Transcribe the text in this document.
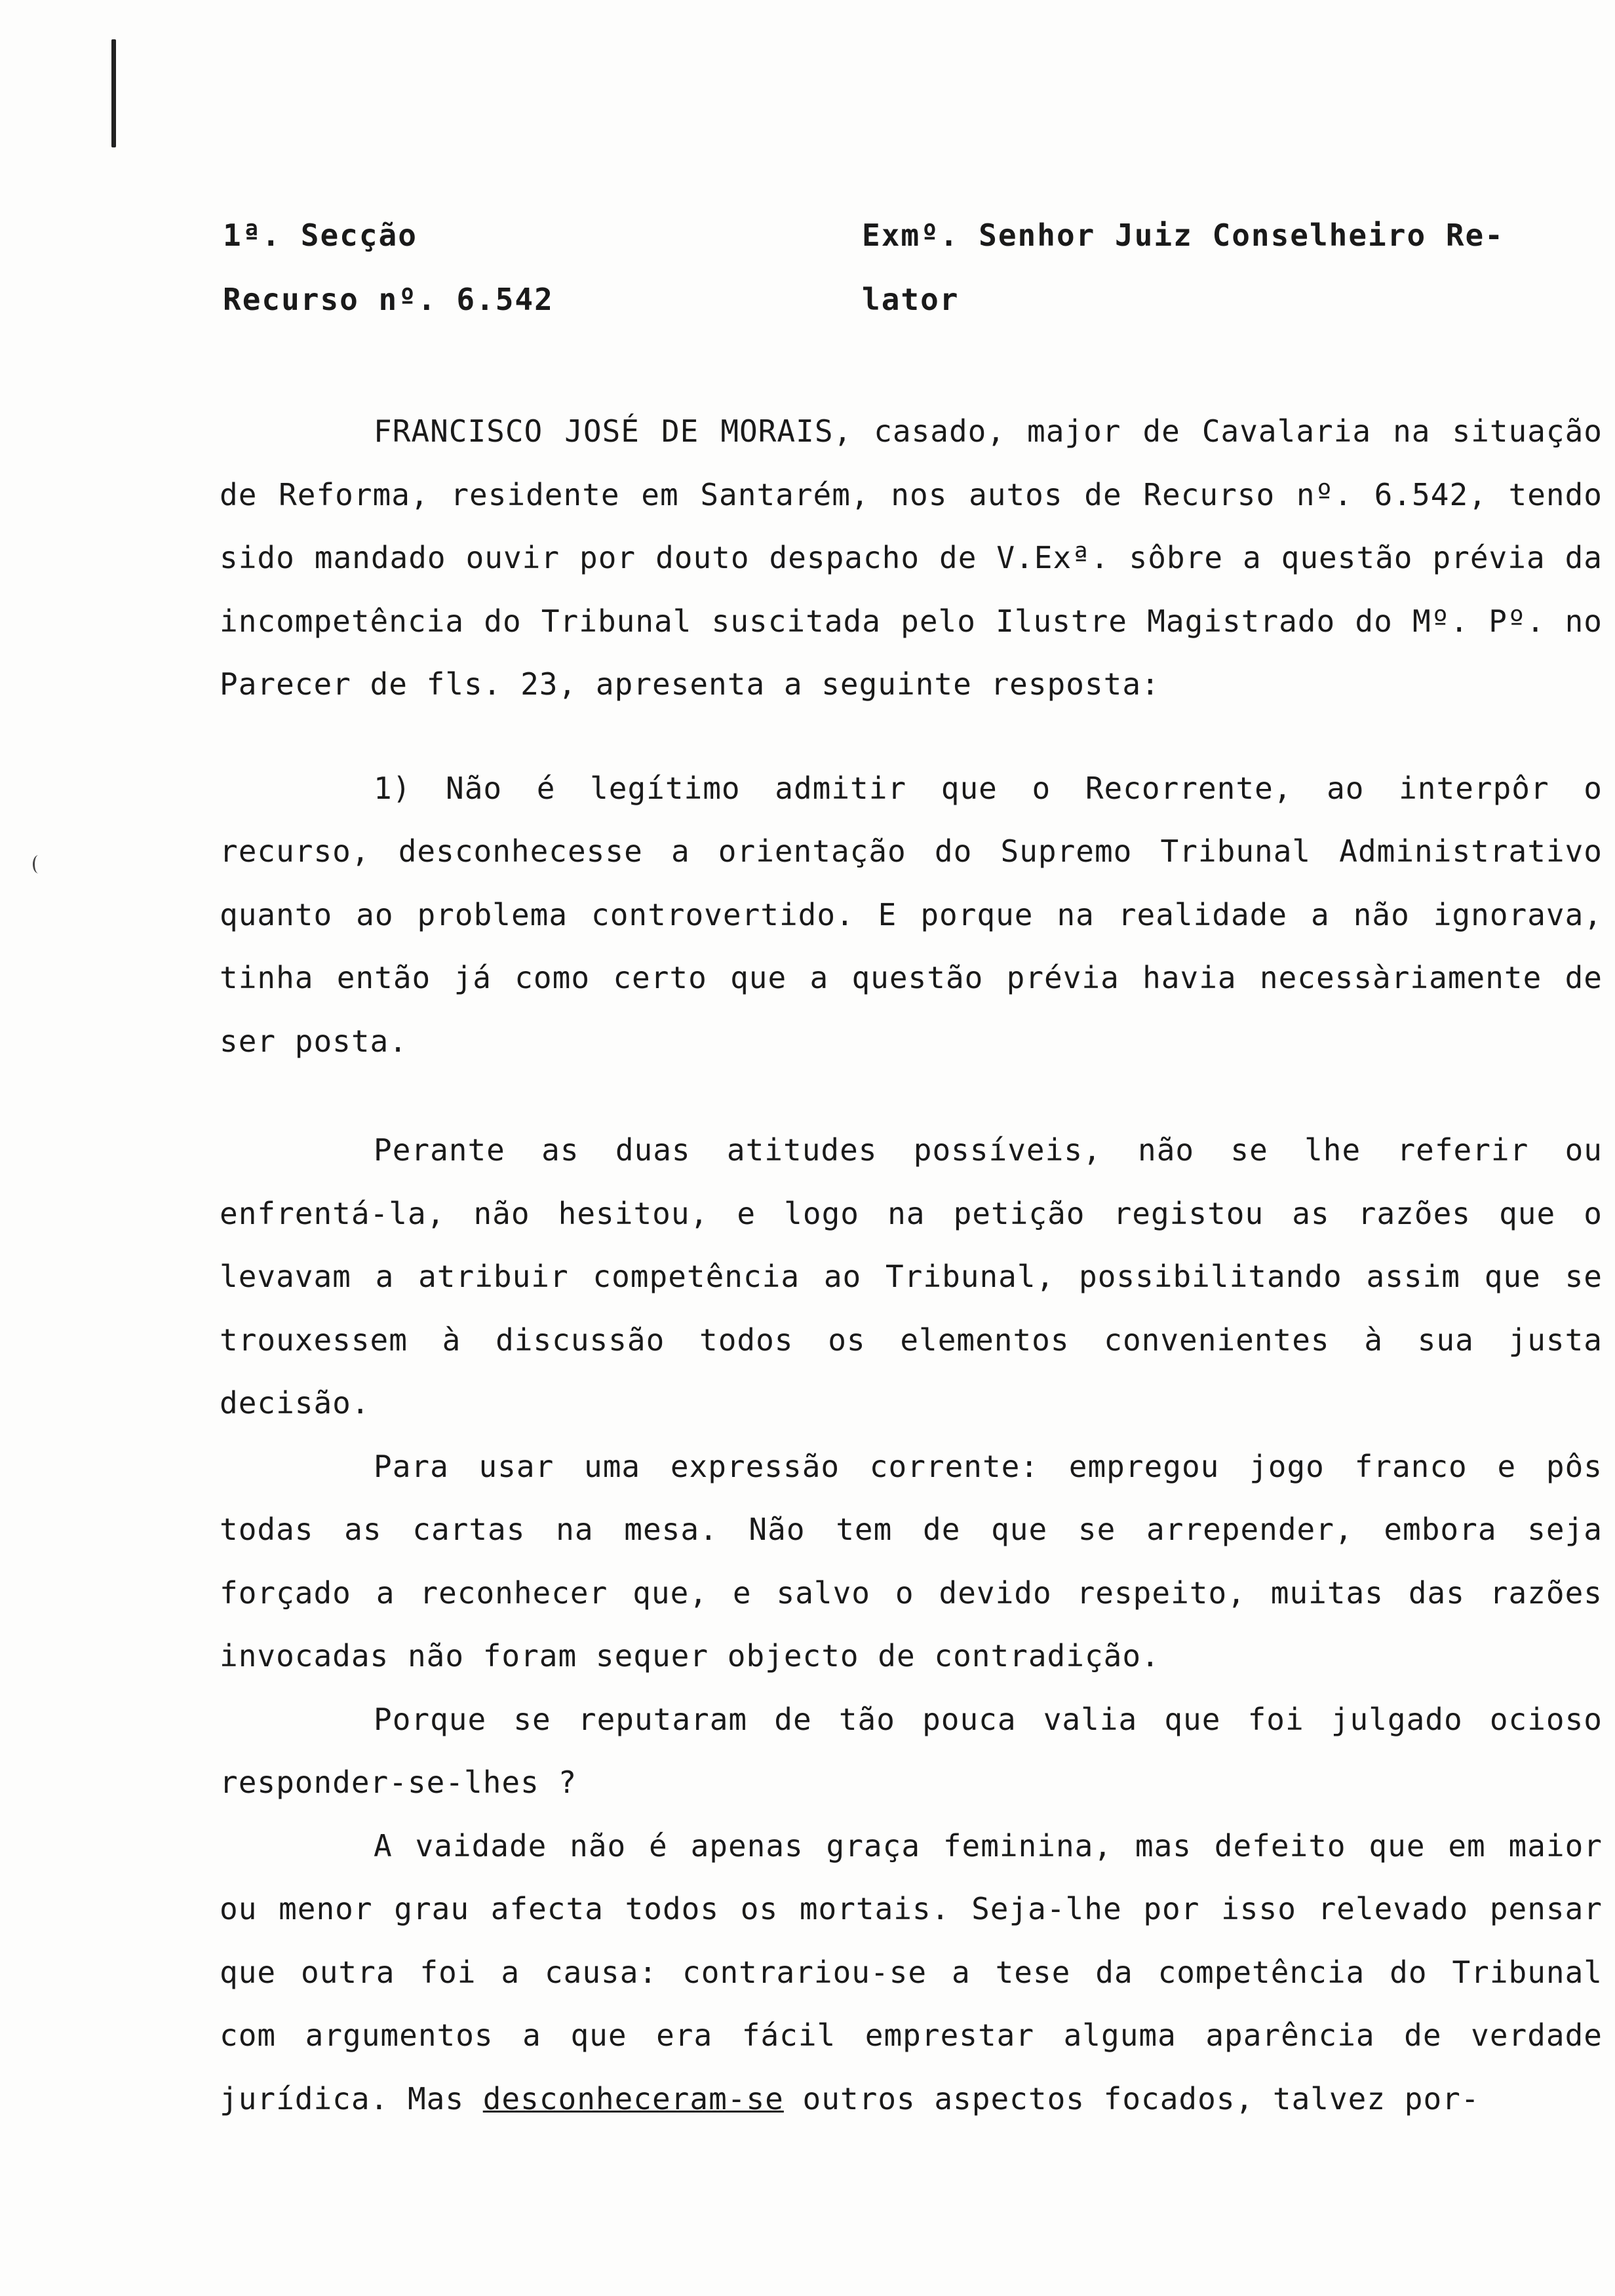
1ª. Secção
Recurso nº. 6.542
Exmº. Senhor Juiz Conselheiro Re-
lator

FRANCISCO JOSÉ DE MORAIS, casado, major de Cavalaria na situação de Reforma, residente em Santarém, nos autos de Recurso nº. 6.542, tendo sido mandado ouvir por douto despacho de V.Exª. sôbre a questão prévia da incompetência do Tribunal suscitada pelo Ilustre Magistrado do Mº. Pº. no Parecer de fls. 23, apresenta a seguinte resposta:

1) Não é legítimo admitir que o Recorrente, ao interpôr o recurso, desconhecesse a orientação do Supremo Tribunal Administrativo quanto ao problema controvertido. E porque na realidade a não ignorava, tinha então já como certo que a questão prévia havia necessàriamente de ser posta.

Perante as duas atitudes possíveis, não se lhe referir ou enfrentá-la, não hesitou, e logo na petição registou as razões que o levavam a atribuir competência ao Tribunal, possibilitando assim que se trouxessem à discussão todos os elementos convenientes à sua justa decisão.

Para usar uma expressão corrente: empregou jogo franco e pôs todas as cartas na mesa. Não tem de que se arrepender, embora seja forçado a reconhecer que, e salvo o devido respeito, muitas das razões invocadas não foram sequer objecto de contradição.

Porque se reputaram de tão pouca valia que foi julgado ocioso responder-se-lhes ?

A vaidade não é apenas graça feminina, mas defeito que em maior ou menor grau afecta todos os mortais. Seja-lhe por isso relevado pensar que outra foi a causa: contrariou-se a tese da competência do Tribunal com argumentos a que era fácil emprestar alguma aparência de verdade jurídica. Mas desconheceram-se outros aspectos focados, talvez por-
